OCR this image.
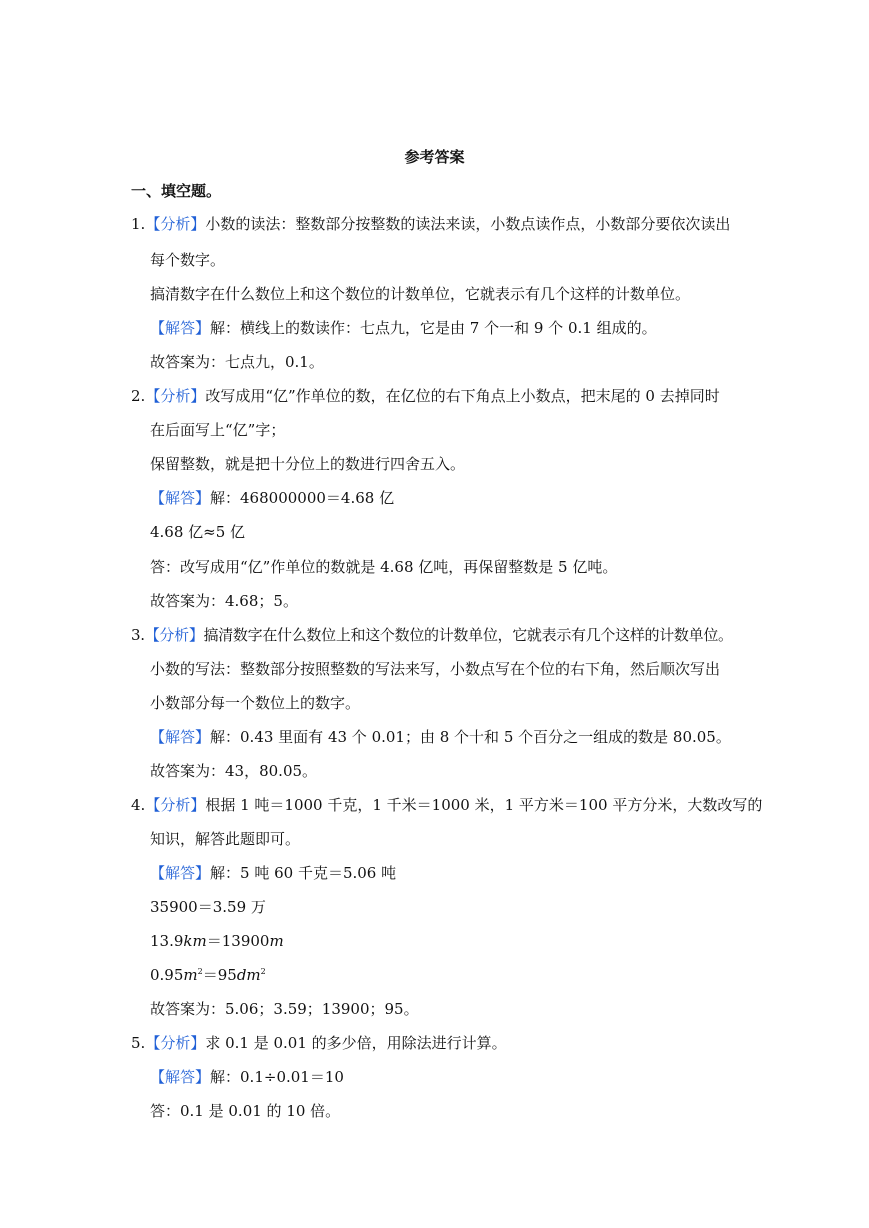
参考答案
一、填空题。
1.【分析】小数的读法：整数部分按整数的读法来读，小数点读作点，小数部分要依次读出
每个数字。
搞清数字在什么数位上和这个数位的计数单位，它就表示有几个这样的计数单位。
【解答】解：横线上的数读作：七点九，它是由 7 个一和 9 个 0.1 组成的。
故答案为：七点九，0.1。
2.【分析】改写成用“亿”作单位的数，在亿位的右下角点上小数点，把末尾的 0 去掉同时
在后面写上“亿”字；
保留整数，就是把十分位上的数进行四舍五入。
【解答】解：468000000＝4.68 亿
4.68 亿≈5 亿
答：改写成用“亿”作单位的数就是 4.68 亿吨，再保留整数是 5 亿吨。
故答案为：4.68；5。
3.【分析】搞清数字在什么数位上和这个数位的计数单位，它就表示有几个这样的计数单位。
小数的写法：整数部分按照整数的写法来写，小数点写在个位的右下角，然后顺次写出
小数部分每一个数位上的数字。
【解答】解：0.43 里面有 43 个 0.01；由 8 个十和 5 个百分之一组成的数是 80.05。
故答案为：43，80.05。
4.【分析】根据 1 吨＝1000 千克，1 千米＝1000 米，1 平方米＝100 平方分米，大数改写的
知识，解答此题即可。
【解答】解：5 吨 60 千克＝5.06 吨
35900＝3.59 万
13.9km＝13900m
$0.95m^2=95dm^2$
故答案为：5.06；3.59；13900；95。
5.【分析】求 0.1 是 0.01 的多少倍，用除法进行计算。
【解答】解：0.1÷0.01＝10
答：0.1 是 0.01 的 10 倍。
